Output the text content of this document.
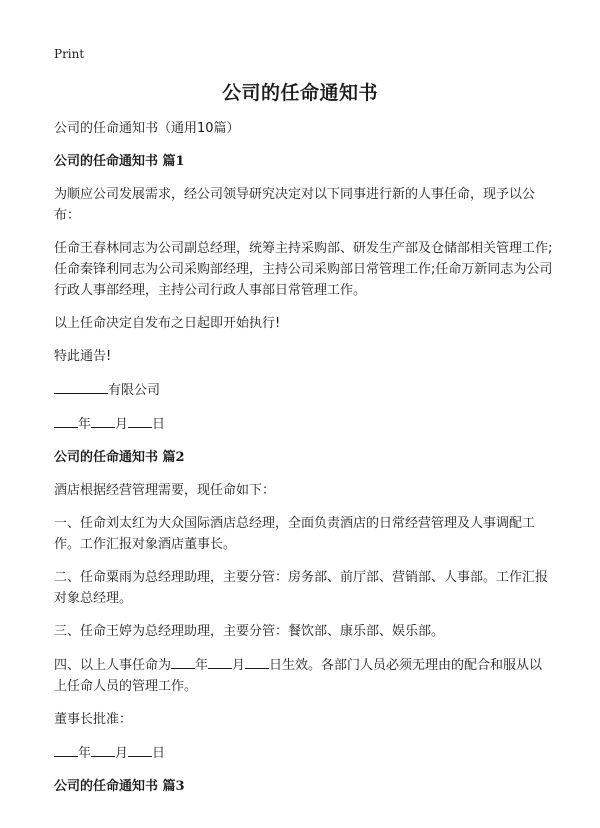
Print
公司的任命通知书

公司的任命通知书（通用10篇）

公司的任命通知书 篇1

为顺应公司发展需求，经公司领导研究决定对以下同事进行新的人事任命，现予以公布：

任命王春林同志为公司副总经理，统筹主持采购部、研发生产部及仓储部相关管理工作;任命秦锋利同志为公司采购部经理，主持公司采购部日常管理工作;任命万新同志为公司行政人事部经理，主持公司行政人事部日常管理工作。

以上任命决定自发布之日起即开始执行!

特此通告!

有限公司

年 月 日

公司的任命通知书 篇2

酒店根据经营管理需要，现任命如下：

一、任命刘太红为大众国际酒店总经理，全面负责酒店的日常经营管理及人事调配工作。工作汇报对象酒店董事长。

二、任命粟雨为总经理助理，主要分管：房务部、前厅部、营销部、人事部。工作汇报对象总经理。

三、任命王婷为总经理助理，主要分管：餐饮部、康乐部、娱乐部。

四、以上人事任命为 年 月 日生效。各部门人员必须无理由的配合和服从以上任命人员的管理工作。

董事长批准：

年 月 日

公司的任命通知书 篇3
